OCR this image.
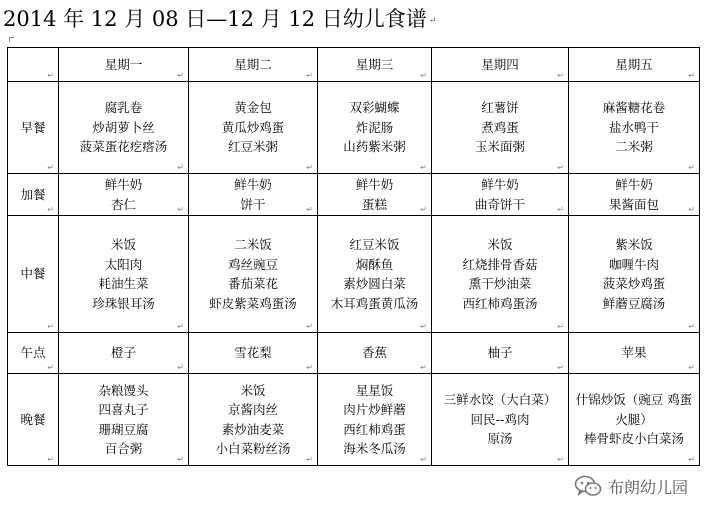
2014 年 12 月 08 日—12 月 12 日幼儿食谱 ↵
↵	星期一
↵	星期二
↵	星期三
↵	星期四
↵	星期五
↵

早餐
↵	腐乳卷
炒胡萝卜丝
菠菜蛋花疙瘩汤
↵	黄金包
黄瓜炒鸡蛋
红豆米粥
↵	双彩蝴蝶
炸泥肠
山药紫米粥
↵	红薯饼
煮鸡蛋
玉米面粥
↵	麻酱糖花卷
盐水鸭干
二米粥
↵

加餐
↵	鲜牛奶
杏仁 ↵	鲜牛奶
饼干 ↵	鲜牛奶
蛋糕 ↵	鲜牛奶
曲奇饼干 ↵	鲜牛奶
果酱面包 ↵

中餐
↵	米饭
太阳肉
耗油生菜
珍珠银耳汤
↵	二米饭
鸡丝豌豆
番茄菜花
虾皮紫菜鸡蛋汤
↵	红豆米饭
焖酥鱼
素炒圆白菜
木耳鸡蛋黄瓜汤
↵	米饭
红烧排骨香菇
熏干炒油菜
西红柿鸡蛋汤
↵	紫米饭
咖喱牛肉
菠菜炒鸡蛋
鲜蘑豆腐汤
↵

午点
↵	橙子
↵	雪花梨
↵	香蕉
↵	柚子
↵	苹果
↵

晚餐
↵	杂粮馒头
四喜丸子
珊瑚豆腐
百合粥
↵	米饭
京酱肉丝
素炒油麦菜
小白菜粉丝汤
↵	星星饭
肉片炒鲜蘑
西红柿鸡蛋
海米冬瓜汤
↵	三鲜水饺（大白菜）
回民--鸡肉
原汤
↵	什锦炒饭（豌豆 鸡蛋 火腿）
棒骨虾皮小白菜汤
↵
布朗幼儿园
